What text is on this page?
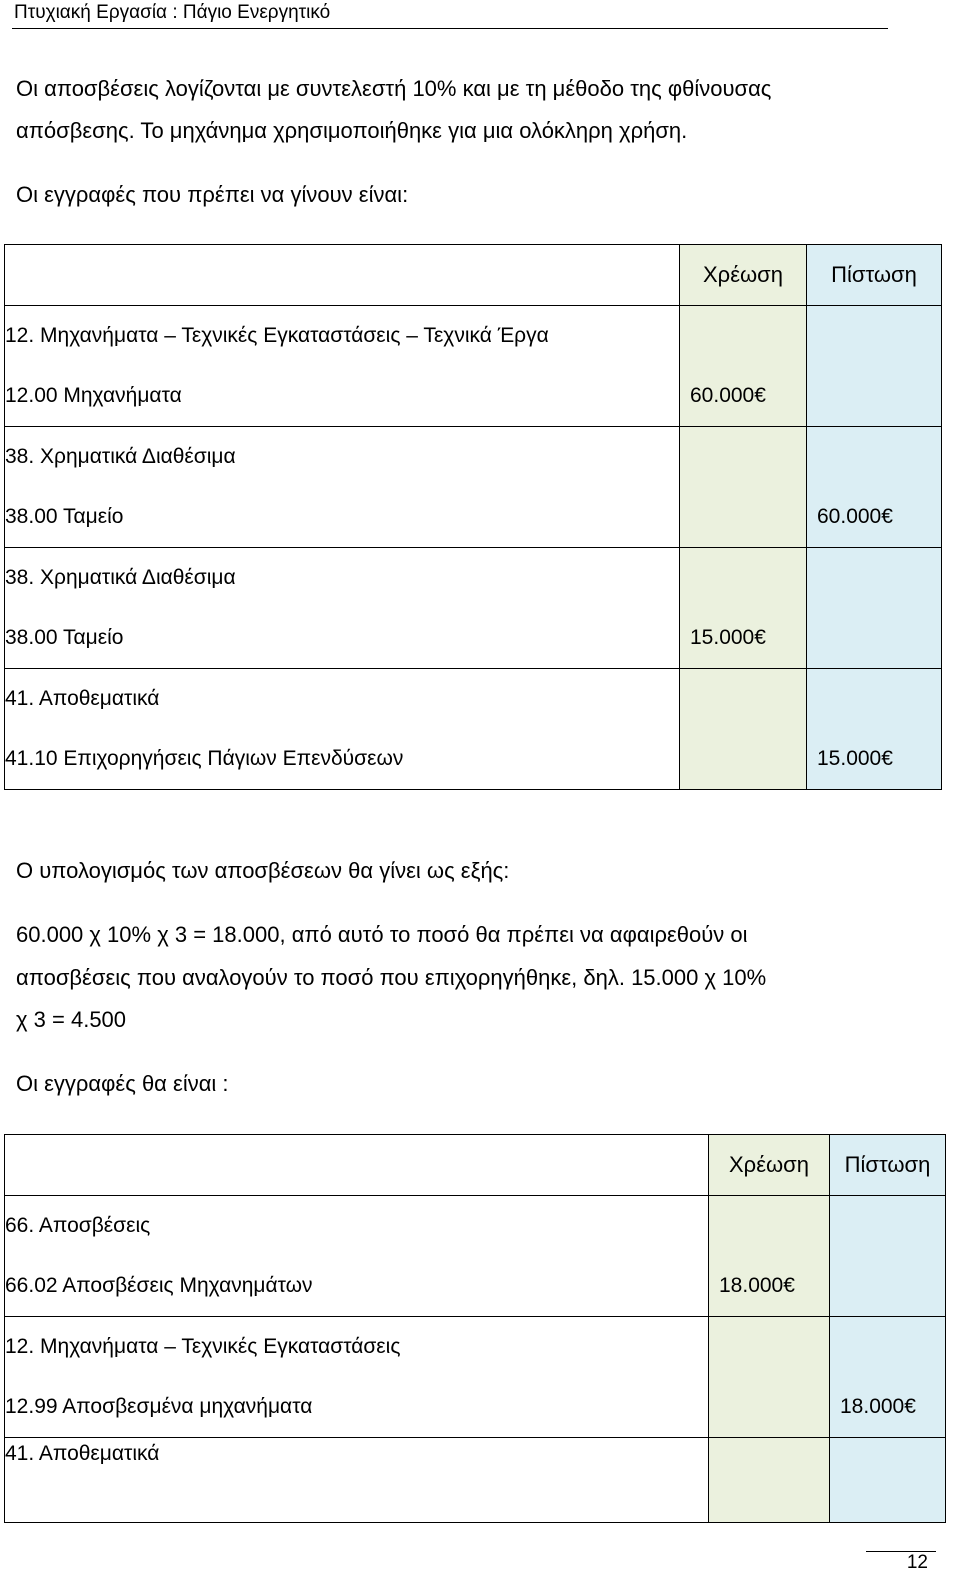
Πτυχιακή Εργασία : Πάγιο Ενεργητικό

Οι αποσβέσεις λογίζονται με συντελεστή 10% και με τη μέθοδο της φθίνουσας

απόσβεσης. Το μηχάνημα χρησιμοποιήθηκε για μια ολόκληρη χρήση.

Οι εγγραφές που πρέπει να γίνουν είναι:

	Χρέωση	Πίστωση
12. Μηχανήματα – Τεχνικές Εγκαταστάσεις – Τεχνικά Έργα		
12.00 Μηχανήματα	60.000€	
38. Χρηματικά Διαθέσιμα		
38.00 Ταμείο		60.000€
38. Χρηματικά Διαθέσιμα		
38.00 Ταμείο	15.000€	
41. Αποθεματικά		
41.10 Επιχορηγήσεις Πάγιων Επενδύσεων		15.000€

Ο υπολογισμός των αποσβέσεων θα γίνει ως εξής:

60.000 χ 10% χ 3 = 18.000, από αυτό το ποσό θα πρέπει να αφαιρεθούν οι

αποσβέσεις που αναλογούν το ποσό που επιχορηγήθηκε, δηλ. 15.000 χ 10%

χ 3 = 4.500

Οι εγγραφές θα είναι :

	Χρέωση	Πίστωση
66. Αποσβέσεις		
66.02 Αποσβέσεις Μηχανημάτων	18.000€	
12. Μηχανήματα – Τεχνικές Εγκαταστάσεις		
12.99 Αποσβεσμένα μηχανήματα		18.000€
41. Αποθεματικά		
12
